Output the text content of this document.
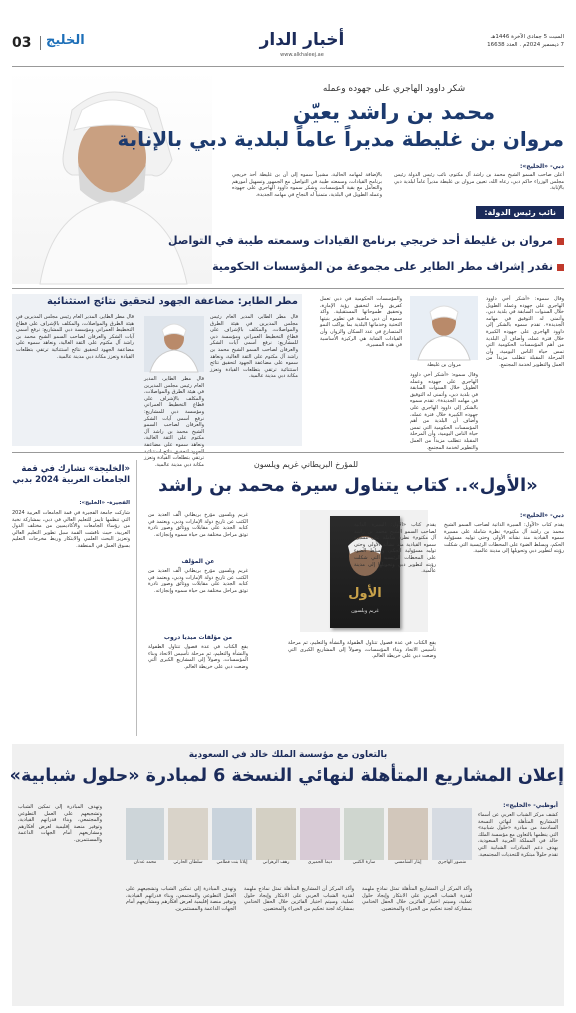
03 الخليج	أخبار الدار
www.alkhaleej.ae
السبت 5 جمادى الآخرة 1446هـ
7 ديسمبر 2024م . العدد 16638
شكر داوود الهاجري على جهوده وعمله
محمد بن راشد يعيّن
مروان بن غليطة مديراً عاماً لبلدية دبي بالإنابة
دبي- «الخليج»:
أعلن صاحب السمو الشيخ محمد بن راشد آل مكتوم، نائب رئيس الدولة رئيس مجلس الوزراء حاكم دبي، رعاه الله، تعيين مروان بن غليطة مديراً عاماً لبلدية دبي بالإنابة.
بالإضافة لمهامه الحالية، مشيراً سموه إلى أن بن غليطة أحد خريجي برنامج القيادات، وسمعته طيبة في التواصل مع الجمهور وتسهيل أمورهم والتعامل مع بقية المؤسسات، وشكر سموه داوود الهاجري على جهوده وعمله الطويل في البلدية، متمنياً له النجاح في مهامه الجديدة.
نائب رئيس الدولة:
مروان بن غليطة أحد خريجي برنامج القيادات وسمعته طيبة في التواصل
نقدر إشراف مطر الطاير على مجموعة من المؤسسات الحكومية
وقال سموه: «أشكر أخي داوود الهاجري على جهوده وعمله الطويل خلال السنوات السابقة في بلدية دبي، وأتمنى له التوفيق في مهامه الجديدة». تقدم سموه بالشكر إلى داوود الهاجري على جهوده الكبيرة خلال فترة عمله، وأضاف أن البلدية من أهم المؤسسات الحكومية التي تمس حياة الناس اليومية، وأن المرحلة المقبلة تتطلب مزيداً من العمل والتطوير لخدمة المجتمع.
مروان بن غليطة
وقال سموه: «أشكر أخي داوود الهاجري على جهوده وعمله الطويل خلال السنوات السابقة في بلدية دبي، وأتمنى له التوفيق في مهامه الجديدة». تقدم سموه بالشكر إلى داوود الهاجري على جهوده الكبيرة خلال فترة عمله، وأضاف أن البلدية من أهم المؤسسات الحكومية التي تمس حياة الناس اليومية، وأن المرحلة المقبلة تتطلب مزيداً من العمل والتطوير لخدمة المجتمع.
والمؤسسات الحكومية في دبي تعمل كفريق واحد لتحقيق رؤية الإمارة، وتحقيق طموحاتها المستقبلية. وأكد سموه أن دبي ماضية في تطوير بنيتها التحتية وخدماتها البلدية بما يواكب النمو المتسارع في عدد السكان والزوار، وأن القيادات الشابة هي الركيزة الأساسية في هذه المسيرة.
مطر الطاير: مضاعفة الجهود لتحقيق نتائج استثنائية
قال مطر الطاير، المدير العام رئيس مجلس المديرين في هيئة الطرق والمواصلات، والمكلف بالإشراف على قطاع التخطيط العمراني ومؤسسة دبي للمشاريع: نرفع أسمى آيات الشكر والعرفان لصاحب السمو الشيخ محمد بن راشد آل مكتوم على الثقة الغالية، ونعاهد سموه على مضاعفة الجهود لتحقيق نتائج استثنائية ترتقي بتطلعات القيادة وتعزز مكانة دبي مدينة عالمية.
قال مطر الطاير، المدير العام رئيس مجلس المديرين في هيئة الطرق والمواصلات، والمكلف بالإشراف على قطاع التخطيط العمراني ومؤسسة دبي للمشاريع: نرفع أسمى آيات الشكر والعرفان لصاحب السمو الشيخ محمد بن راشد آل مكتوم على الثقة الغالية، ونعاهد سموه على مضاعفة ترتقي بتطلعات القيادة وتعزز مكانة دبي مدينة عالمية.
قال مطر الطاير، المدير العام رئيس مجلس المديرين في هيئة الطرق والمواصلات، والمكلف بالإشراف على قطاع التخطيط العمراني ومؤسسة دبي للمشاريع: نرفع أسمى آيات الشكر والعرفان لصاحب السمو الشيخ محمد بن راشد آل مكتوم على الثقة الغالية، ونعاهد سموه على مضاعفة الجهود لتحقيق نتائج استثنائية ترتقي بتطلعات القيادة وتعزز مكانة دبي مدينة عالمية.
للمؤرخ البريطاني غريم ويلسون
«الأول».. كتاب يتناول سيرة محمد بن راشد
دبي- «الخليج»:
يقدم كتاب «الأول: السيرة الذاتية لصاحب السمو الشيخ محمد بن راشد آل مكتوم» نظرة شاملة على مسيرة سموه القيادية منذ نشأته الأولى وحتى توليه مسؤولية الحكم، ويسلط الضوء على المحطات الرئيسية التي شكلت رؤيته لتطوير دبي وتحويلها إلى مدينة عالمية.
الأول
غريم ويلسون
يقدم كتاب «الأول: السيرة الذاتية لصاحب السمو الشيخ محمد بن راشد آل مكتوم» نظرة شاملة على مسيرة سموه القيادية منذ نشأته الأولى وحتى توليه مسؤولية الحكم، ويسلط الضوء على المحطات الرئيسية التي شكلت رؤيته لتطوير دبي وتحويلها إلى مدينة عالمية.
يقع الكتاب في عدة فصول تتناول الطفولة والنشأة والتعليم، ثم مرحلة تأسيس الاتحاد وبناء المؤسسات، وصولاً إلى المشاريع الكبرى التي وضعت دبي على خريطة العالم.
غريم ويلسون مؤرخ بريطاني ألّف العديد من الكتب عن تاريخ دولة الإمارات ودبي، ويعتمد في كتابه الجديد على مقابلات ووثائق وصور نادرة توثق مراحل مختلفة من حياة سموه وإنجازاته.
عن المؤلف
غريم ويلسون مؤرخ بريطاني ألّف العديد من الكتب عن تاريخ دولة الإمارات ودبي، ويعتمد في كتابه الجديد على مقابلات ووثائق وصور نادرة توثق مراحل مختلفة من حياة سموه وإنجازاته.
من مؤلفات ميديا دروب
يقع الكتاب في عدة فصول تتناول الطفولة والنشأة والتعليم، ثم مرحلة تأسيس الاتحاد وبناء المؤسسات، وصولاً إلى المشاريع الكبرى التي وضعت دبي على خريطة العالم.
«الخليجة» تشارك في قمة الجامعات العربية 2024 بدبي
الفجيرة- «الخليج»:
شاركت جامعة الفجيرة في قمة الجامعات العربية 2024 التي تنظمها تايمز للتعليم العالي في دبي، بمشاركة نخبة من رؤساء الجامعات والأكاديميين من مختلف الدول العربية، حيث ناقشت القمة سبل تطوير التعليم العالي وتعزيز البحث العلمي والابتكار وربط مخرجات التعليم بسوق العمل في المنطقة.
بالتعاون مع مؤسسة الملك خالد في السعودية
إعلان المشاريع المتأهلة لنهائي النسخة 6 لمبادرة «حلول شبابية»
أبوظبي- «الخليج»:
كشف مركز الشباب العربي عن أسماء المشاريع المتأهلة لنهائي النسخة السادسة من مبادرة «حلول شبابية» التي ينظمها بالتعاون مع مؤسسة الملك خالد في المملكة العربية السعودية، بهدف دعم المبادرات الشبابية التي تقدم حلولاً مبتكرة للتحديات المجتمعية.
منصور الهاجري
إيثار الشامسي
سارة الكتبي
ديما الحميري
رهف الزهراني
إيلانا بنت قطامي
سلطان الحارثي
محمد عدنان
وأكد المركز أن المشاريع المتأهلة تمثل نماذج ملهمة لقدرة الشباب العربي على الابتكار وإيجاد حلول عملية، وسيتم اختيار الفائزين خلال الحفل الختامي بمشاركة لجنة تحكيم من الخبراء والمختصين.
وأكد المركز أن المشاريع المتأهلة تمثل نماذج ملهمة لقدرة الشباب العربي على الابتكار وإيجاد حلول عملية، وسيتم اختيار الفائزين خلال الحفل الختامي بمشاركة لجنة تحكيم من الخبراء والمختصين.
وتهدف المبادرة إلى تمكين الشباب وتشجيعهم على العمل التطوعي والمجتمعي، وبناء قدراتهم القيادية، وتوفير منصة إقليمية لعرض أفكارهم ومشاريعهم أمام الجهات الداعمة والمستثمرين.
وتهدف المبادرة إلى تمكين الشباب وتشجيعهم على العمل التطوعي والمجتمعي، وبناء قدراتهم القيادية، وتوفير منصة إقليمية لعرض أفكارهم ومشاريعهم أمام الجهات الداعمة والمستثمرين.
